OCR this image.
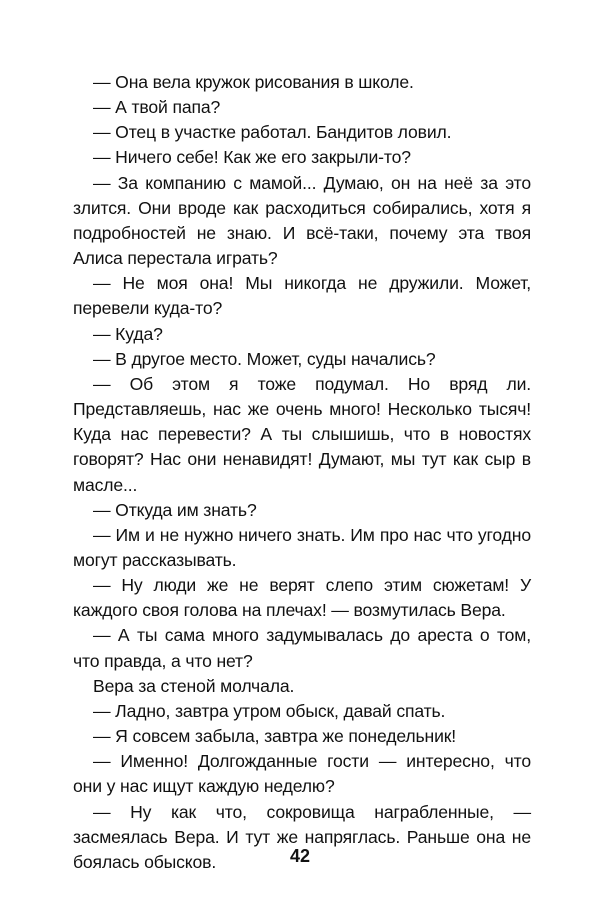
— Она вела кружок рисования в школе.

— А твой папа?

— Отец в участке работал. Бандитов ловил.

— Ничего себе! Как же его закрыли-то?

— За компанию с мамой... Думаю, он на неё за это злится. Они вроде как расходиться собирались, хотя я подробностей не знаю. И всё-таки, почему эта твоя Алиса перестала играть?

— Не моя она! Мы никогда не дружили. Может, перевели куда-то?

— Куда?

— В другое место. Может, суды начались?

— Об этом я тоже подумал. Но вряд ли. Представляешь, нас же очень много! Несколько тысяч! Куда нас перевести? А ты слышишь, что в новостях говорят? Нас они ненавидят! Думают, мы тут как сыр в масле...

— Откуда им знать?

— Им и не нужно ничего знать. Им про нас что угодно могут рассказывать.

— Ну люди же не верят слепо этим сюжетам! У каждого своя голова на плечах! — возмутилась Вера.

— А ты сама много задумывалась до ареста о том, что правда, а что нет?

Вера за стеной молчала.

— Ладно, завтра утром обыск, давай спать.

— Я совсем забыла, завтра же понедельник!

— Именно! Долгожданные гости — интересно, что они у нас ищут каждую неделю?

— Ну как что, сокровища награбленные, — засмеялась Вера. И тут же напряглась. Раньше она не боялась обысков.	42
